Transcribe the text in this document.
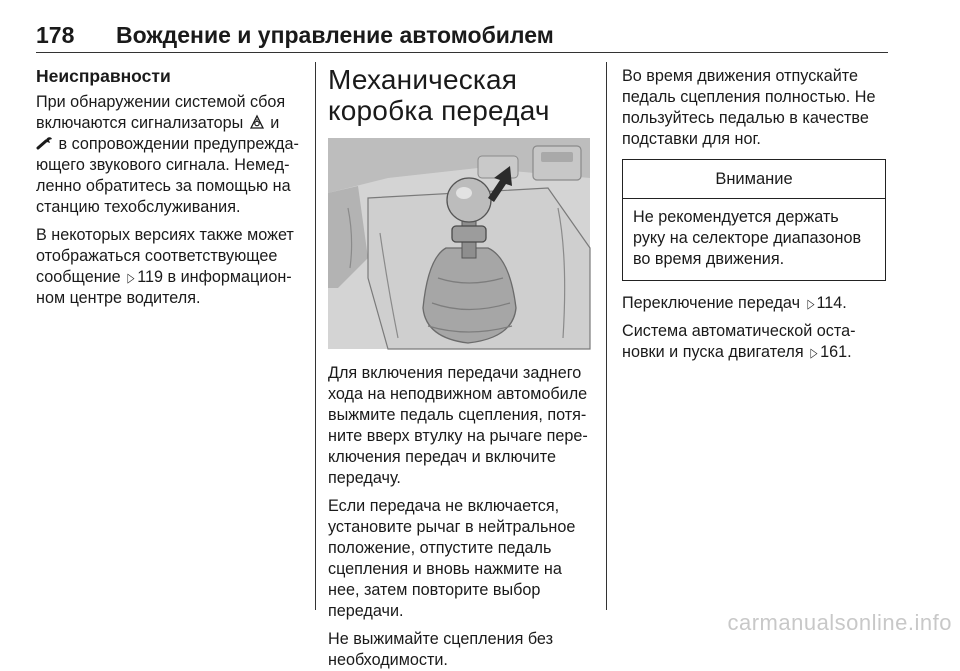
178 Вождение и управление автомобилем
Неисправности
При обнаружении системой сбоя включаются сигнализаторы  и
в сопровождении предупрежда-ющего звукового сигнала. Немед-ленно обратитесь за помощью на станцию техобслуживания.
В некоторых версиях также может отображаться соответствующее сообщение ▷ 119 в информацион-ном центре водителя.
Механическая
коробка передач
Для включения передачи заднего хода на неподвижном автомобиле выжмите педаль сцепления, потя-ните вверх втулку на рычаге пере-ключения передач и включите передачу.
Если передача не включается, установите рычаг в нейтральное положение, отпустите педаль сцепления и вновь нажмите на нее, затем повторите выбор передачи.
Не выжимайте сцепления без необходимости.
Во время движения отпускайте педаль сцепления полностью. Не пользуйтесь педалью в качестве подставки для ног.
Внимание
Не рекомендуется держать руку на селекторе диапазонов во время движения.
Переключение передач ▷ 114.
Система автоматической оста-новки и пуска двигателя ▷ 161.
carmanualsonline.info
